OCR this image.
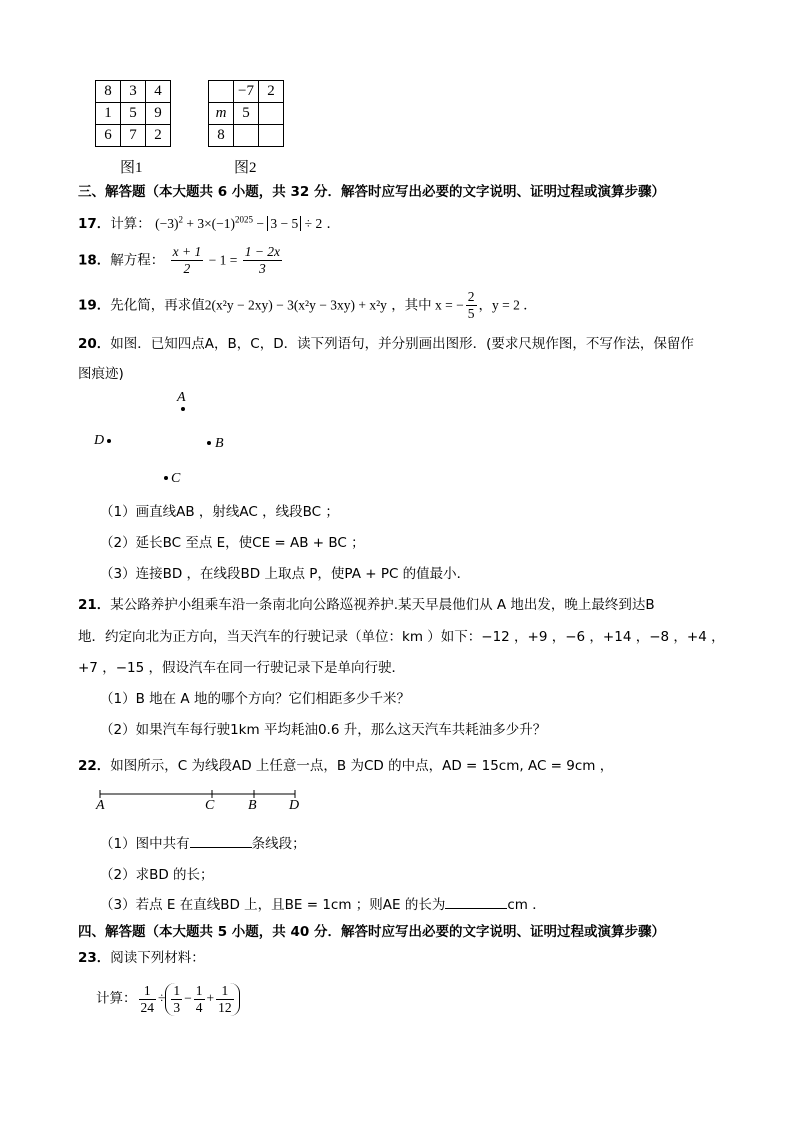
8	3	4
1	5	9
6	7	2
图1
	−7	2
m	5	
8		
图2
三、解答题（本大题共 6 小题，共 32 分．解答时应写出必要的文字说明、证明过程或演算步骤）
17．计算： $(-3)^2 + 3\times(-1)^{2025} - 3 - 5 \div 2$ ．
18．解方程： $\frac{x + 1}{2} - 1 = \frac{1 - 2x}{3}$
19．先化简，再求值2(x²y − 2xy) − 3(x²y − 3xy) + x²y ，其中 x = − $\frac{2}{5}$ ，y = 2 ．
20．如图．已知四点A，B，C，D．读下列语句，并分别画出图形．(要求尺规作图，不写作法，保留作
图痕迹)
A
D	B
C
（1）画直线AB ，射线AC ，线段BC ；
（2）延长BC 至点 E，使CE = AB + BC ；
（3）连接BD ，在线段BD 上取点 P，使PA + PC 的值最小．
21．某公路养护小组乘车沿一条南北向公路巡视养护.某天早晨他们从 A 地出发，晚上最终到达B
地．约定向北为正方向，当天汽车的行驶记录（单位：km ）如下：−12 ，+9 ，−6 ，+14 ，−8 ，+4 ，
+7 ，−15 ，假设汽车在同一行驶记录下是单向行驶．
（1）B 地在 A 地的哪个方向？它们相距多少千米？
（2）如果汽车每行驶1km 平均耗油0.6 升，那么这天汽车共耗油多少升？
22．如图所示，C 为线段AD 上任意一点，B 为CD 的中点，AD = 15cm, AC = 9cm ，
A	C B D
（1）图中共有	条线段；
（2）求BD 的长；
（3）若点 E 在直线BD 上，且BE = 1cm ；则AE 的长为	cm ．
四、解答题（本大题共 5 小题，共 40 分．解答时应写出必要的文字说明、证明过程或演算步骤）
23．阅读下列材料：
计算： $\frac{1}{24} \div \frac{1}{3} - \frac{1}{4} + \frac{1}{12}$
